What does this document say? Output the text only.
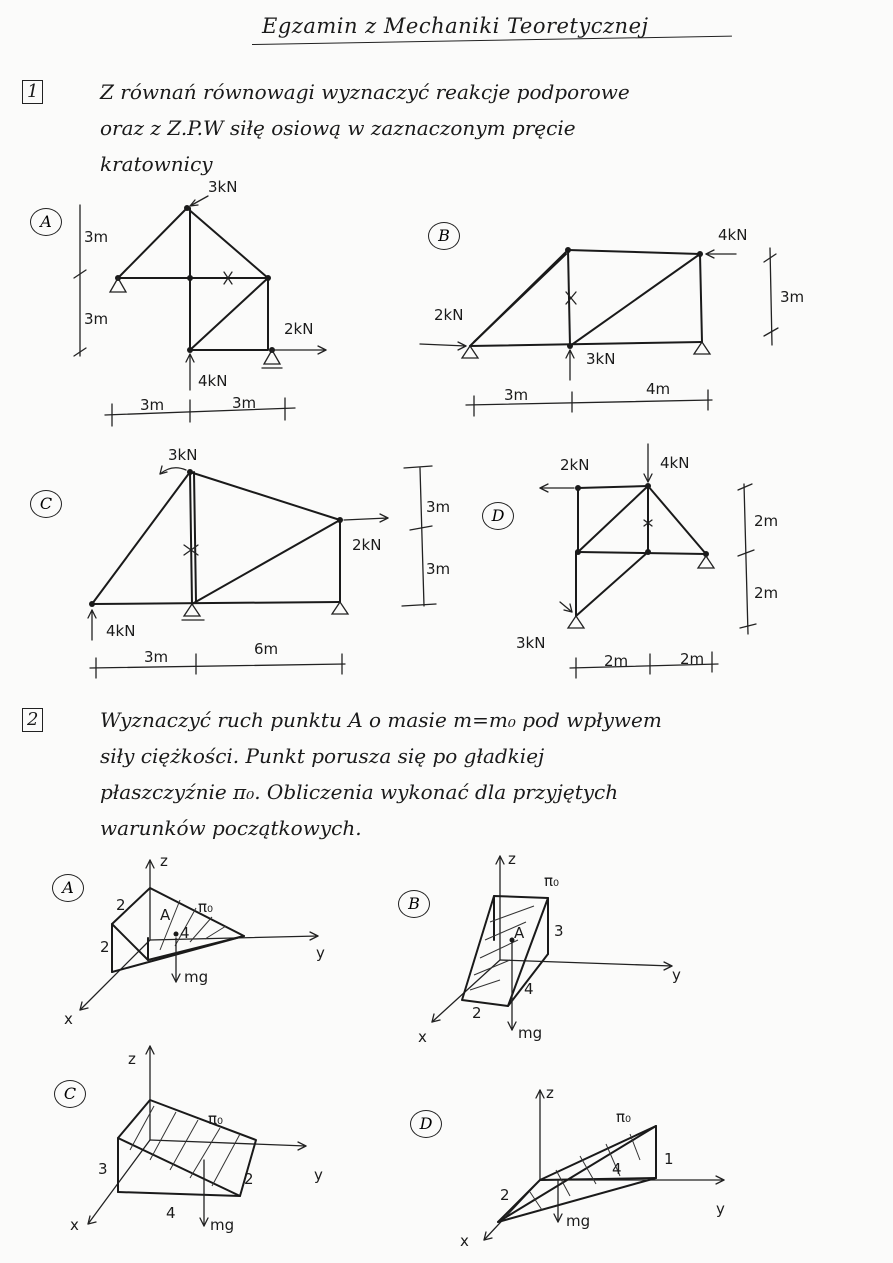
Egzamin z Mechaniki Teoretycznej
1	Z równań równowagi wyznaczyć reakcje podporowe
oraz z Z.P.W siłę osiową w zaznaczonym pręcie
kratownicy
A
3kN
2kN
4kN
3m
3m
3m	3m
B	4kN
2kN
3kN
3m
3m	4m
C
3kN
2kN
4kN
3m
3m
3m	6m
D
2kN	4kN
3kN
2m
2m
2m	2m
2	Wyznaczyć ruch punktu A o masie m=m₀ pod wpływem
siły ciężkości. Punkt porusza się po gładkiej
płaszczyźnie π₀. Obliczenia wykonać dla przyjętych
warunków początkowych.
A
z
y
x
π₀
A
mg
2
2
4
B
z
y
x
π₀
A
mg
3
4
2
C
z
y
x
π₀
mg
3
4
2
D
z
y
x
π₀
mg
2
4
1
